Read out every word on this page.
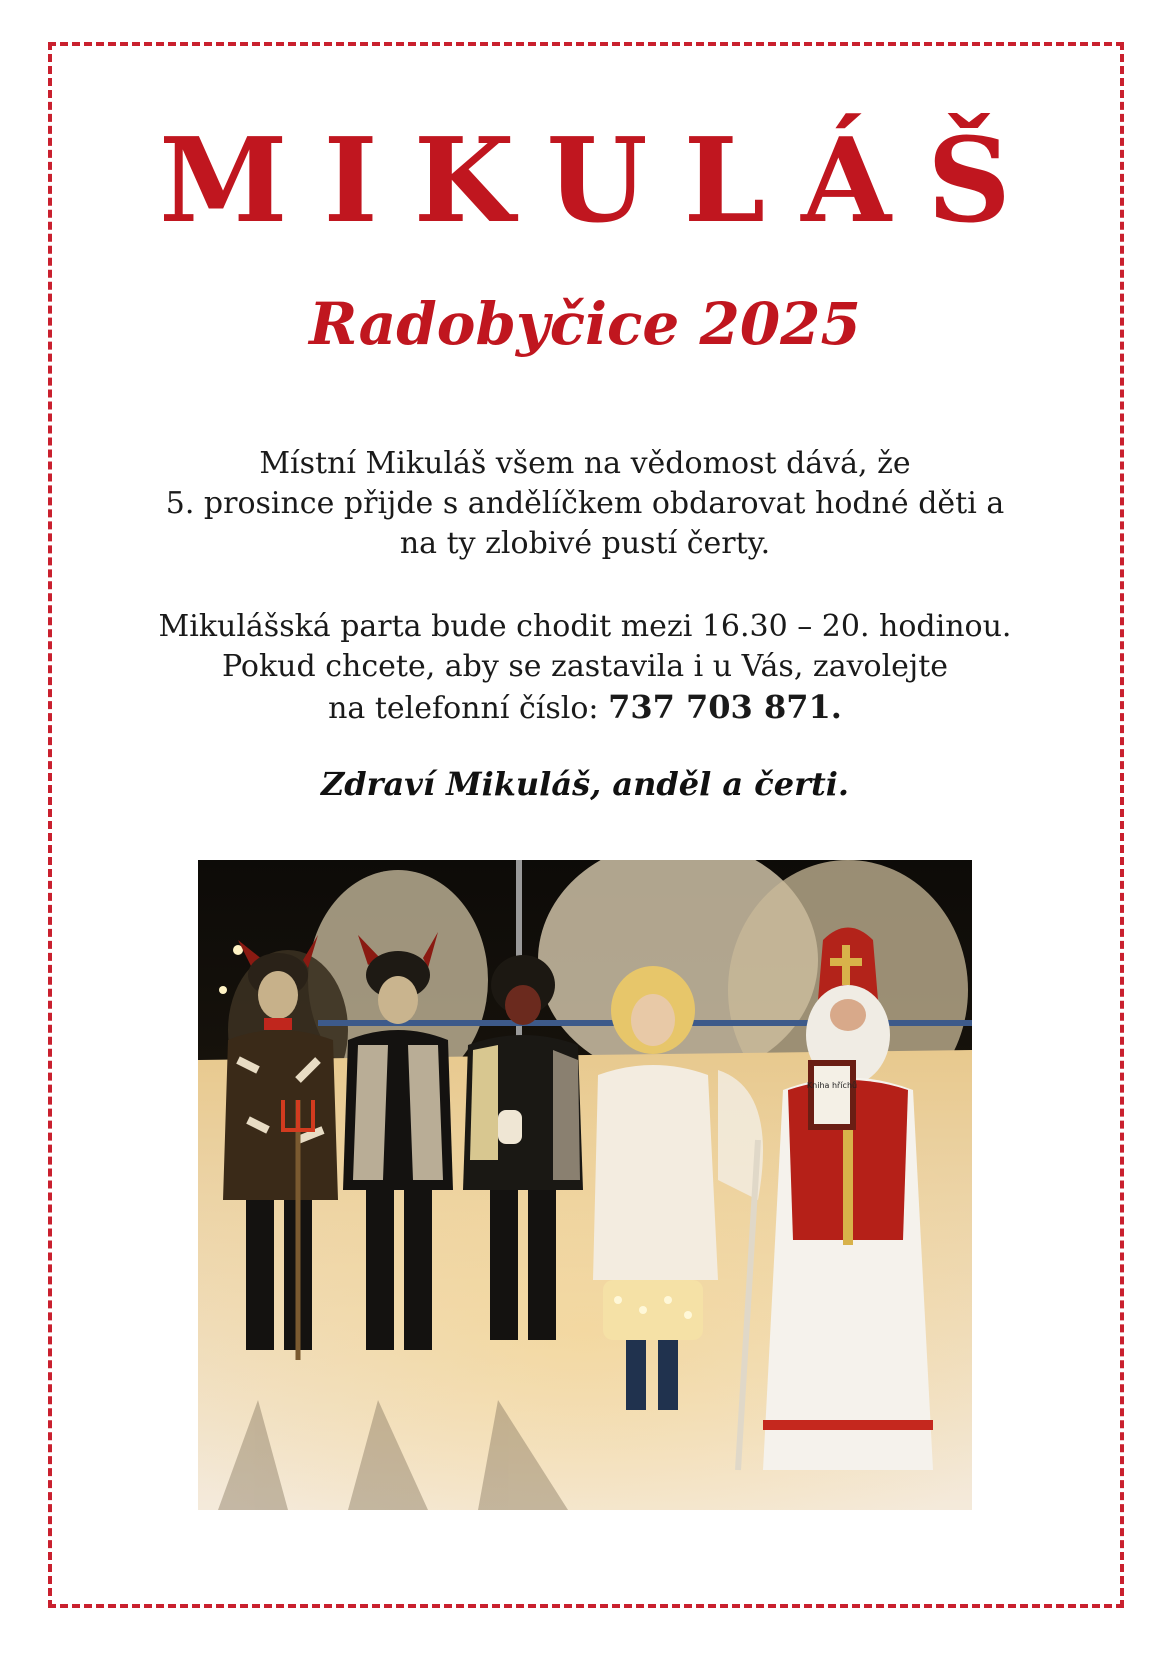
MIKULÁŠ
Radobyčice 2025
Místní Mikuláš všem na vědomost dává, že
5. prosince přijde s andělíčkem obdarovat hodné děti a
na ty zlobivé pustí čerty.
Mikulášská parta bude chodit mezi 16.30 – 20. hodinou.
Pokud chcete, aby se zastavila i u Vás, zavolejte
na telefonní číslo: 737 703 871.
Zdraví Mikuláš, anděl a čerti.
Kniha hříchů
